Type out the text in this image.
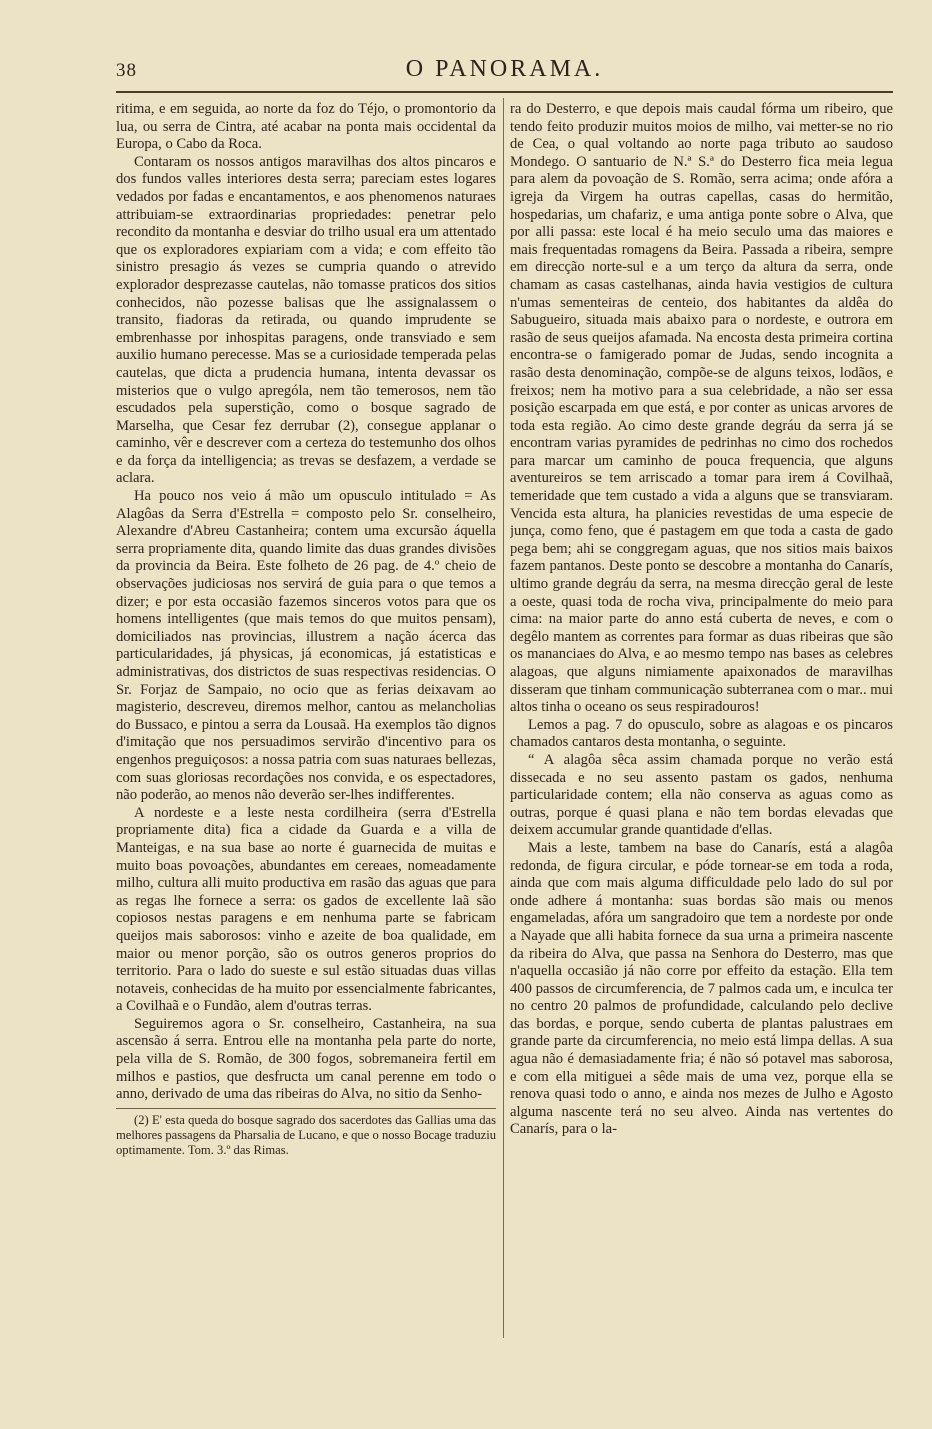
38	O PANORAMA.

ritima, e em seguida, ao norte da foz do Téjo, o promontorio da lua, ou serra de Cintra, até acabar na ponta mais occidental da Europa, o Cabo da Roca.

Contaram os nossos antigos maravilhas dos altos pincaros e dos fundos valles interiores desta serra; pareciam estes logares vedados por fadas e encantamentos, e aos phenomenos naturaes attribuiam-se extraordinarias propriedades: penetrar pelo recondito da montanha e desviar do trilho usual era um attentado que os exploradores expiariam com a vida; e com effeito tão sinistro presagio ás vezes se cumpria quando o atrevido explorador desprezasse cautelas, não tomasse praticos dos sitios conhecidos, não pozesse balisas que lhe assignalassem o transito, fiadoras da retirada, ou quando imprudente se embrenhasse por inhospitas paragens, onde transviado e sem auxilio humano perecesse. Mas se a curiosidade temperada pelas cautelas, que dicta a prudencia humana, intenta devassar os misterios que o vulgo aprególa, nem tão temerosos, nem tão escudados pela superstição, como o bosque sagrado de Marselha, que Cesar fez derrubar (2), consegue applanar o caminho, vêr e descrever com a certeza do testemunho dos olhos e da força da intelligencia; as trevas se desfazem, a verdade se aclara.

Ha pouco nos veio á mão um opusculo intitulado = As Alagôas da Serra d'Estrella = composto pelo Sr. conselheiro, Alexandre d'Abreu Castanheira; contem uma excursão áquella serra propriamente dita, quando limite das duas grandes divisões da provincia da Beira. Este folheto de 26 pag. de 4.º cheio de observações judiciosas nos servirá de guia para o que temos a dizer; e por esta occasião fazemos sinceros votos para que os homens intelligentes (que mais temos do que muitos pensam), domiciliados nas provincias, illustrem a nação ácerca das particularidades, já physicas, já economicas, já estatisticas e administrativas, dos districtos de suas respectivas residencias. O Sr. Forjaz de Sampaio, no ocio que as ferias deixavam ao magisterio, descreveu, diremos melhor, cantou as melancholias do Bussaco, e pintou a serra da Lousaã. Ha exemplos tão dignos d'imitação que nos persuadimos servirão d'incentivo para os engenhos preguiçosos: a nossa patria com suas naturaes bellezas, com suas gloriosas recordações nos convida, e os espectadores, não poderão, ao menos não deverão ser-lhes indifferentes.

A nordeste e a leste nesta cordilheira (serra d'Estrella propriamente dita) fica a cidade da Guarda e a villa de Manteigas, e na sua base ao norte é guarnecida de muitas e muito boas povoações, abundantes em cereaes, nomeadamente milho, cultura alli muito productiva em rasão das aguas que para as regas lhe fornece a serra: os gados de excellente laã são copiosos nestas paragens e em nenhuma parte se fabricam queijos mais saborosos: vinho e azeite de boa qualidade, em maior ou menor porção, são os outros generos proprios do territorio. Para o lado do sueste e sul estão situadas duas villas notaveis, conhecidas de ha muito por essencialmente fabricantes, a Covilhaã e o Fundão, alem d'outras terras.

Seguiremos agora o Sr. conselheiro, Castanheira, na sua ascensão á serra. Entrou elle na montanha pela parte do norte, pela villa de S. Romão, de 300 fogos, sobremaneira fertil em milhos e pastios, que desfructa um canal perenne em todo o anno, derivado de uma das ribeiras do Alva, no sitio da Senho-

(2) E' esta queda do bosque sagrado dos sacerdotes das Gallias uma das melhores passagens da Pharsalia de Lucano, e que o nosso Bocage traduziu optimamente. Tom. 3.º das Rimas.

ra do Desterro, e que depois mais caudal fórma um ribeiro, que tendo feito produzir muitos moios de milho, vai metter-se no rio de Cea, o qual voltando ao norte paga tributo ao saudoso Mondego. O santuario de N.ª S.ª do Desterro fica meia legua para alem da povoação de S. Romão, serra acima; onde afóra a igreja da Virgem ha outras capellas, casas do hermitão, hospedarias, um chafariz, e uma antiga ponte sobre o Alva, que por alli passa: este local é ha meio seculo uma das maiores e mais frequentadas romagens da Beira. Passada a ribeira, sempre em direcção norte-sul e a um terço da altura da serra, onde chamam as casas castelhanas, ainda havia vestigios de cultura n'umas sementeiras de centeio, dos habitantes da aldêa do Sabugueiro, situada mais abaixo para o nordeste, e outrora em rasão de seus queijos afamada. Na encosta desta primeira cortina encontra-se o famigerado pomar de Judas, sendo incognita a rasão desta denominação, compõe-se de alguns teixos, lodãos, e freixos; nem ha motivo para a sua celebridade, a não ser essa posição escarpada em que está, e por conter as unicas arvores de toda esta região. Ao cimo deste grande degráu da serra já se encontram varias pyramides de pedrinhas no cimo dos rochedos para marcar um caminho de pouca frequencia, que alguns aventureiros se tem arriscado a tomar para irem á Covilhaã, temeridade que tem custado a vida a alguns que se transviaram. Vencida esta altura, ha planicies revestidas de uma especie de junça, como feno, que é pastagem em que toda a casta de gado pega bem; ahi se conggregam aguas, que nos sitios mais baixos fazem pantanos. Deste ponto se descobre a montanha do Canarís, ultimo grande degráu da serra, na mesma direcção geral de leste a oeste, quasi toda de rocha viva, principalmente do meio para cima: na maior parte do anno está cuberta de neves, e com o degêlo mantem as correntes para formar as duas ribeiras que são os mananciaes do Alva, e ao mesmo tempo nas bases as celebres alagoas, que alguns nimiamente apaixonados de maravilhas disseram que tinham communicação subterranea com o mar.. mui altos tinha o oceano os seus respiradouros!

Lemos a pag. 7 do opusculo, sobre as alagoas e os pincaros chamados cantaros desta montanha, o seguinte.

“ A alagôa sêca assim chamada porque no verão está dissecada e no seu assento pastam os gados, nenhuma particularidade contem; ella não conserva as aguas como as outras, porque é quasi plana e não tem bordas elevadas que deixem accumular grande quantidade d'ellas.

Mais a leste, tambem na base do Canarís, está a alagôa redonda, de figura circular, e póde tornear-se em toda a roda, ainda que com mais alguma difficuldade pelo lado do sul por onde adhere á montanha: suas bordas são mais ou menos engameladas, afóra um sangradoiro que tem a nordeste por onde a Nayade que alli habita fornece da sua urna a primeira nascente da ribeira do Alva, que passa na Senhora do Desterro, mas que n'aquella occasião já não corre por effeito da estação. Ella tem 400 passos de circumferencia, de 7 palmos cada um, e inculca ter no centro 20 palmos de profundidade, calculando pelo declive das bordas, e porque, sendo cuberta de plantas palustraes em grande parte da circumferencia, no meio está limpa dellas. A sua agua não é demasiadamente fria; é não só potavel mas saborosa, e com ella mitiguei a sêde mais de uma vez, porque ella se renova quasi todo o anno, e ainda nos mezes de Julho e Agosto alguma nascente terá no seu alveo. Ainda nas vertentes do Canarís, para o la-
